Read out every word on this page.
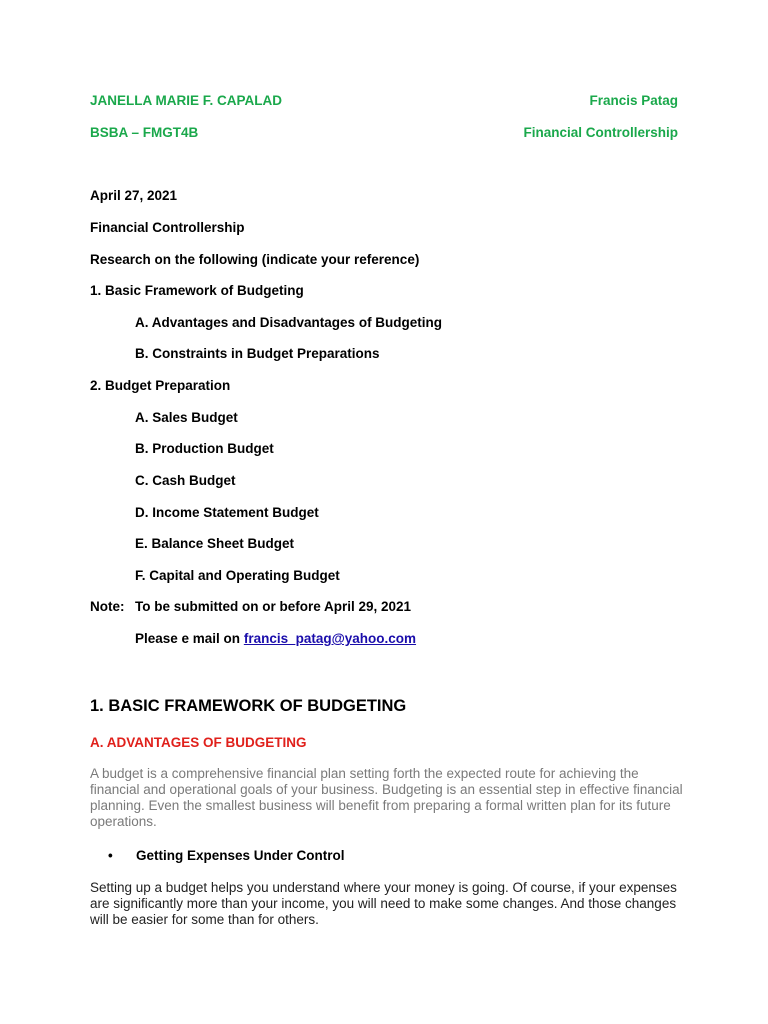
JANELLA MARIE F. CAPALAD	Francis Patag
BSBA – FMGT4B	Financial Controllership
April 27, 2021
Financial Controllership
Research on the following (indicate your reference)
1. Basic Framework of Budgeting
A. Advantages and Disadvantages of Budgeting
B. Constraints in Budget Preparations
2. Budget Preparation
A. Sales Budget
B. Production Budget
C. Cash Budget
D. Income Statement Budget
E. Balance Sheet Budget
F. Capital and Operating Budget
Note: To be submitted on or before April 29, 2021
Please e mail on francis_patag@yahoo.com
1. BASIC FRAMEWORK OF BUDGETING
A. ADVANTAGES OF BUDGETING
A budget is a comprehensive financial plan setting forth the expected route for achieving the financial and operational goals of your business. Budgeting is an essential step in effective financial planning. Even the smallest business will benefit from preparing a formal written plan for its future operations.
• Getting Expenses Under Control
Setting up a budget helps you understand where your money is going. Of course, if your expenses are significantly more than your income, you will need to make some changes. And those changes will be easier for some than for others.
